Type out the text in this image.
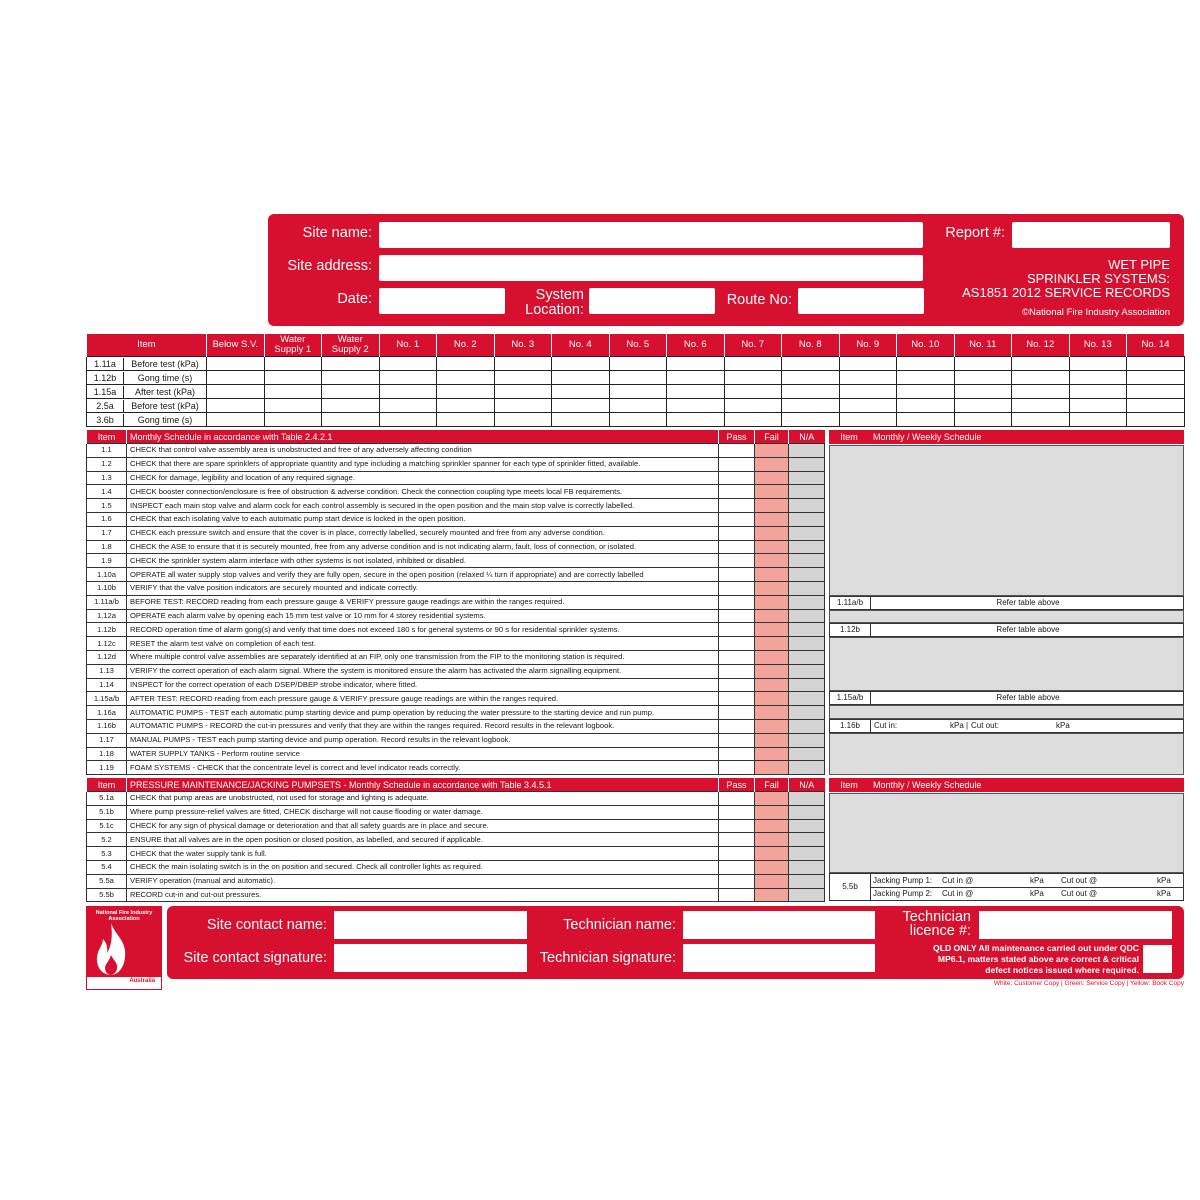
Site name:
Site address:
Date:	System
Location:
Route No:
Report #:
WET PIPE
SPRINKLER SYSTEMS:
AS1851 2012 SERVICE RECORDS
©National Fire Industry Association
Item	Below S.V.	Water Supply 1	Water Supply 2	No. 1	No. 2	No. 3	No. 4	No. 5	No. 6	No. 7	No. 8	No. 9	No. 10	No. 11	No. 12	No. 13	No. 14
1.11a Before test (kPa)																	
1.12b Gong time (s)																	
1.15a After test (kPa)																	
2.5a Before test (kPa)																	
3.6b Gong time (s)																	
Item	Monthly Schedule in accordance with Table 2.4.2.1	Pass	Fail	N/A
1.1	CHECK that control valve assembly area is unobstructed and free of any adversely affecting condition			
1.2	CHECK that there are spare sprinklers of appropriate quantity and type including a matching sprinkler spanner for each type of sprinkler fitted, available.			
1.3	CHECK for damage, legibility and location of any required signage.			
1.4	CHECK booster connection/enclosure is free of obstruction & adverse condition. Check the connection coupling type meets local FB requirements.			
1.5	INSPECT each main stop valve and alarm cock for each control assembly is secured in the open position and the main stop valve is correctly labelled.			
1.6	CHECK that each isolating valve to each automatic pump start device is locked in the open position.			
1.7	CHECK each pressure switch and ensure that the cover is in place, correctly labelled, securely mounted and free from any adverse condition.			
1.8	CHECK the ASE to ensure that it is securely mounted, free from any adverse condition and is not indicating alarm, fault, loss of connection, or isolated.			
1.9	CHECK the sprinkler system alarm interface with other systems is not isolated, inhibited or disabled.			
1.10a	OPERATE all water supply stop valves and verify they are fully open, secure in the open position (relaxed ¼ turn if appropriate) and are correctly labelled			
1.10b	VERIFY that the valve position indicators are securely mounted and indicate correctly.			
1.11a/b	BEFORE TEST: RECORD reading from each pressure gauge & VERIFY pressure gauge readings are within the ranges required.			
1.12a	OPERATE each alarm valve by opening each 15 mm test valve or 10 mm for 4 storey residential systems.			
1.12b	RECORD operation time of alarm gong(s) and verify that time does not exceed 180 s for general systems or 90 s for residential sprinkler systems.			
1.12c	RESET the alarm test valve on completion of each test.			
1.12d	Where multiple control valve assemblies are separately identified at an FIP, only one transmission from the FIP to the monitoring station is required.			
1.13	VERIFY the correct operation of each alarm signal. Where the system is monitored ensure the alarm has activated the alarm signalling equipment.			
1.14	INSPECT for the correct operation of each DSEP/DBEP strobe indicator, where fitted.			
1.15a/b	AFTER TEST: RECORD reading from each pressure gauge & VERIFY pressure gauge readings are within the ranges required.			
1.16a	AUTOMATIC PUMPS - TEST each automatic pump starting device and pump operation by reducing the water pressure to the starting device and run pump.			
1.16b	AUTOMATIC PUMPS - RECORD the cut-in pressures and verify that they are within the ranges required. Record results in the relevant logbook.			
1.17	MANUAL PUMPS - TEST each pump starting device and pump operation. Record results in the relevant logbook.			
1.18	WATER SUPPLY TANKS - Perform routine service			
1.19	FOAM SYSTEMS - CHECK that the concentrate level is correct and level indicator reads correctly.			
Item	Monthly / Weekly Schedule
1.11a/b	Refer table above
1.12b	Refer table above
1.15a/b	Refer table above
1.16b	Cut in:	kPa | Cut out:	kPa
Item	PRESSURE MAINTENANCE/JACKING PUMPSETS - Monthly Schedule in accordance with Table 3.4.5.1	Pass	Fail	N/A
5.1a	CHECK that pump areas are unobstructed, not used for storage and lighting is adequate.			
5.1b	Where pump pressure-relief valves are fitted, CHECK discharge will not cause flooding or water damage.			
5.1c	CHECK for any sign of physical damage or deterioration and that all safety guards are in place and secure.			
5.2	ENSURE that all valves are in the open position or closed position, as labelled, and secured if applicable.			
5.3	CHECK that the water supply tank is full.			
5.4	CHECK the main isolating switch is in the on position and secured. Check all controller lights as required.			
5.5a	VERIFY operation (manual and automatic).			
5.5b	RECORD cut-in and cut-out pressures.			
Item	Monthly / Weekly Schedule
5.5b
Jacking Pump 1: Cut in @	kPa Cut out @	kPa
Jacking Pump 2: Cut in @	kPa Cut out @	kPa
National Fire Industry
Association
Australia
Site contact name:
Site contact signature:
Technician name:
Technician signature:
Technician
licence #:
QLD ONLY All maintenance carried out under QDC
MP6.1, matters stated above are correct & critical
defect notices issued where required.
White: Customer Copy | Green: Service Copy | Yellow: Book Copy
